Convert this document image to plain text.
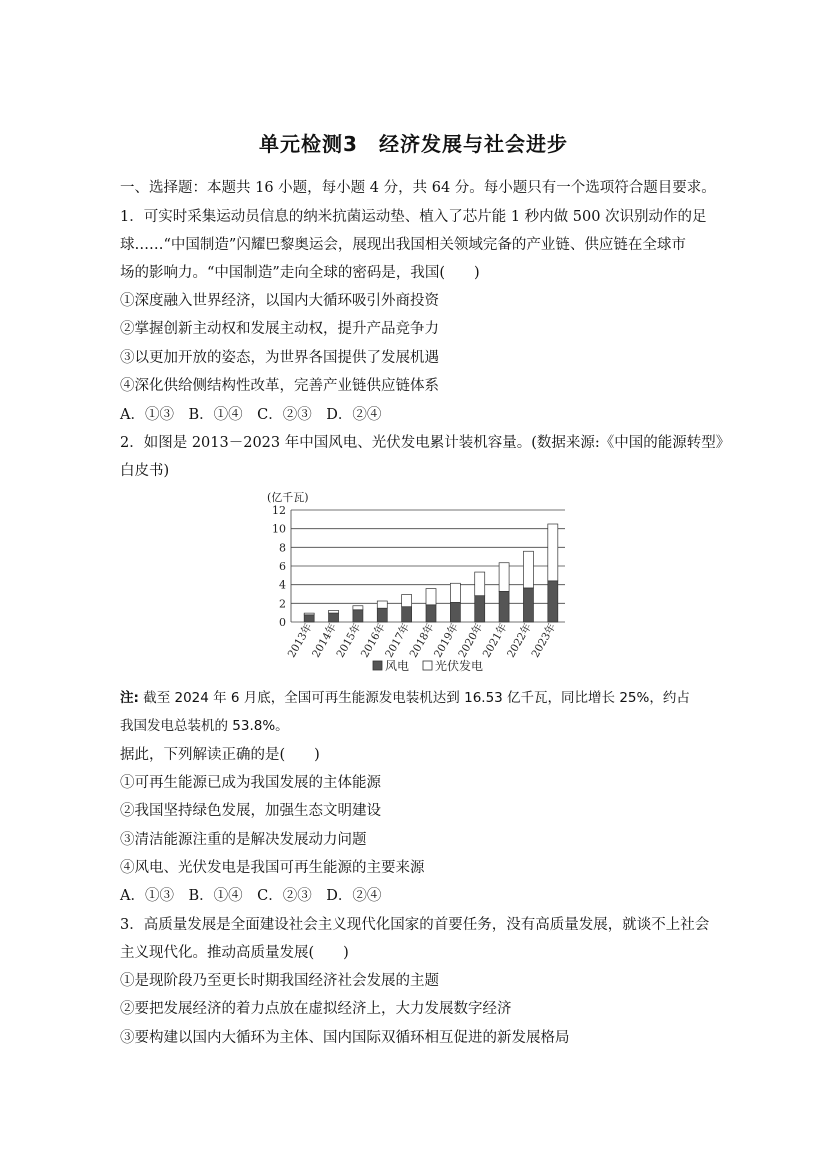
单元检测3　经济发展与社会进步
一、选择题：本题共 16 小题，每小题 4 分，共 64 分。每小题只有一个选项符合题目要求。
1．可实时采集运动员信息的纳米抗菌运动垫、植入了芯片能 1 秒内做 500 次识别动作的足
球……“中国制造”闪耀巴黎奥运会，展现出我国相关领域完备的产业链、供应链在全球市
场的影响力。“中国制造”走向全球的密码是，我国(　　)
①深度融入世界经济，以国内大循环吸引外商投资
②掌握创新主动权和发展主动权，提升产品竞争力
③以更加开放的姿态，为世界各国提供了发展机遇
④深化供给侧结构性改革，完善产业链供应链体系
A．①③　B．①④　C．②③　D．②④
2．如图是 2013－2023 年中国风电、光伏发电累计装机容量。(数据来源:《中国的能源转型》
白皮书)
(亿千瓦)
0
2
4
6
8
10
12
2013年
2014年
2015年
2016年
2017年
2018年
2019年
2020年
2021年
2022年
2023年
风电 光伏发电
注: 截至 2024 年 6 月底，全国可再生能源发电装机达到 16.53 亿千瓦，同比增长 25%，约占
我国发电总装机的 53.8%。
据此，下列解读正确的是(　　)
①可再生能源已成为我国发展的主体能源
②我国坚持绿色发展，加强生态文明建设
③清洁能源注重的是解决发展动力问题
④风电、光伏发电是我国可再生能源的主要来源
A．①③　B．①④　C．②③　D．②④
3．高质量发展是全面建设社会主义现代化国家的首要任务，没有高质量发展，就谈不上社会
主义现代化。推动高质量发展(　　)
①是现阶段乃至更长时期我国经济社会发展的主题
②要把发展经济的着力点放在虚拟经济上，大力发展数字经济
③要构建以国内大循环为主体、国内国际双循环相互促进的新发展格局
